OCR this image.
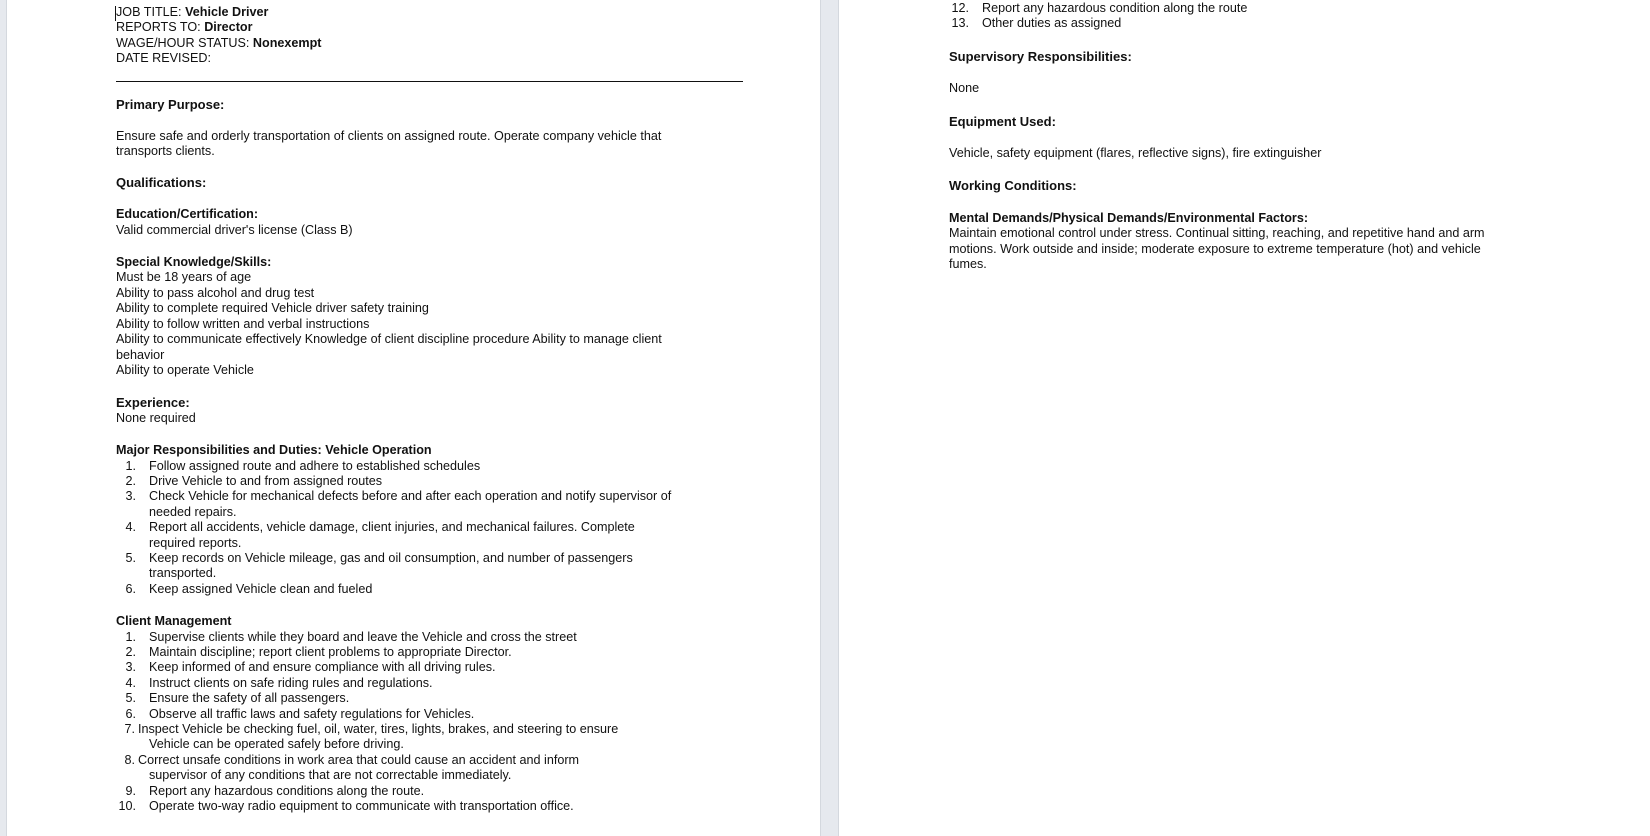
JOB TITLE: Vehicle Driver
REPORTS TO: Director
WAGE/HOUR STATUS: Nonexempt
DATE REVISED:
Primary Purpose:
Ensure safe and orderly transportation of clients on assigned route. Operate company vehicle that transports clients.
Qualifications:
Education/Certification:
Valid commercial driver's license (Class B)
Special Knowledge/Skills:
Must be 18 years of age
Ability to pass alcohol and drug test
Ability to complete required Vehicle driver safety training
Ability to follow written and verbal instructions
Ability to communicate effectively Knowledge of client discipline procedure Ability to manage client behavior
Ability to operate Vehicle
Experience:
None required
Major Responsibilities and Duties: Vehicle Operation
1. Follow assigned route and adhere to established schedules
2. Drive Vehicle to and from assigned routes
3. Check Vehicle for mechanical defects before and after each operation and notify supervisor of needed repairs.
4. Report all accidents, vehicle damage, client injuries, and mechanical failures. Complete required reports.
5. Keep records on Vehicle mileage, gas and oil consumption, and number of passengers transported.
6. Keep assigned Vehicle clean and fueled
Client Management
1. Supervise clients while they board and leave the Vehicle and cross the street
2. Maintain discipline; report client problems to appropriate Director.
3. Keep informed of and ensure compliance with all driving rules.
4. Instruct clients on safe riding rules and regulations.
5. Ensure the safety of all passengers.
6. Observe all traffic laws and safety regulations for Vehicles.
7. Inspect Vehicle be checking fuel, oil, water, tires, lights, brakes, and steering to ensure
Vehicle can be operated safely before driving.
8. Correct unsafe conditions in work area that could cause an accident and inform
supervisor of any conditions that are not correctable immediately.
9. Report any hazardous conditions along the route.
10. Operate two-way radio equipment to communicate with transportation office.
12. Report any hazardous condition along the route
13. Other duties as assigned
Supervisory Responsibilities:
None
Equipment Used:
Vehicle, safety equipment (flares, reflective signs), fire extinguisher
Working Conditions:
Mental Demands/Physical Demands/Environmental Factors:
Maintain emotional control under stress. Continual sitting, reaching, and repetitive hand and arm motions. Work outside and inside; moderate exposure to extreme temperature (hot) and vehicle fumes.
